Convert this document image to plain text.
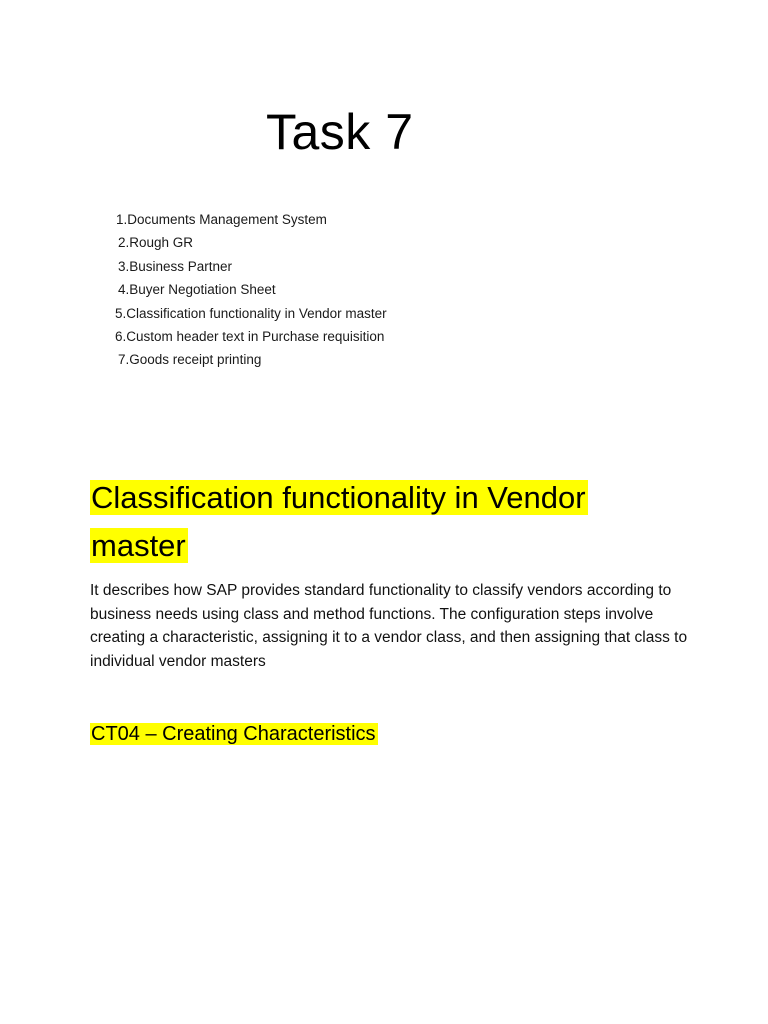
Task 7
1.Documents Management System
2.Rough GR
3.Business Partner
4.Buyer Negotiation Sheet
5.Classification functionality in Vendor master
6.Custom header text in Purchase requisition
7.Goods receipt printing
Classification functionality in Vendor master

It describes how SAP provides standard functionality to classify vendors according to business needs using class and method functions. The configuration steps involve creating a characteristic, assigning it to a vendor class, and then assigning that class to individual vendor masters

CT04 – Creating Characteristics
